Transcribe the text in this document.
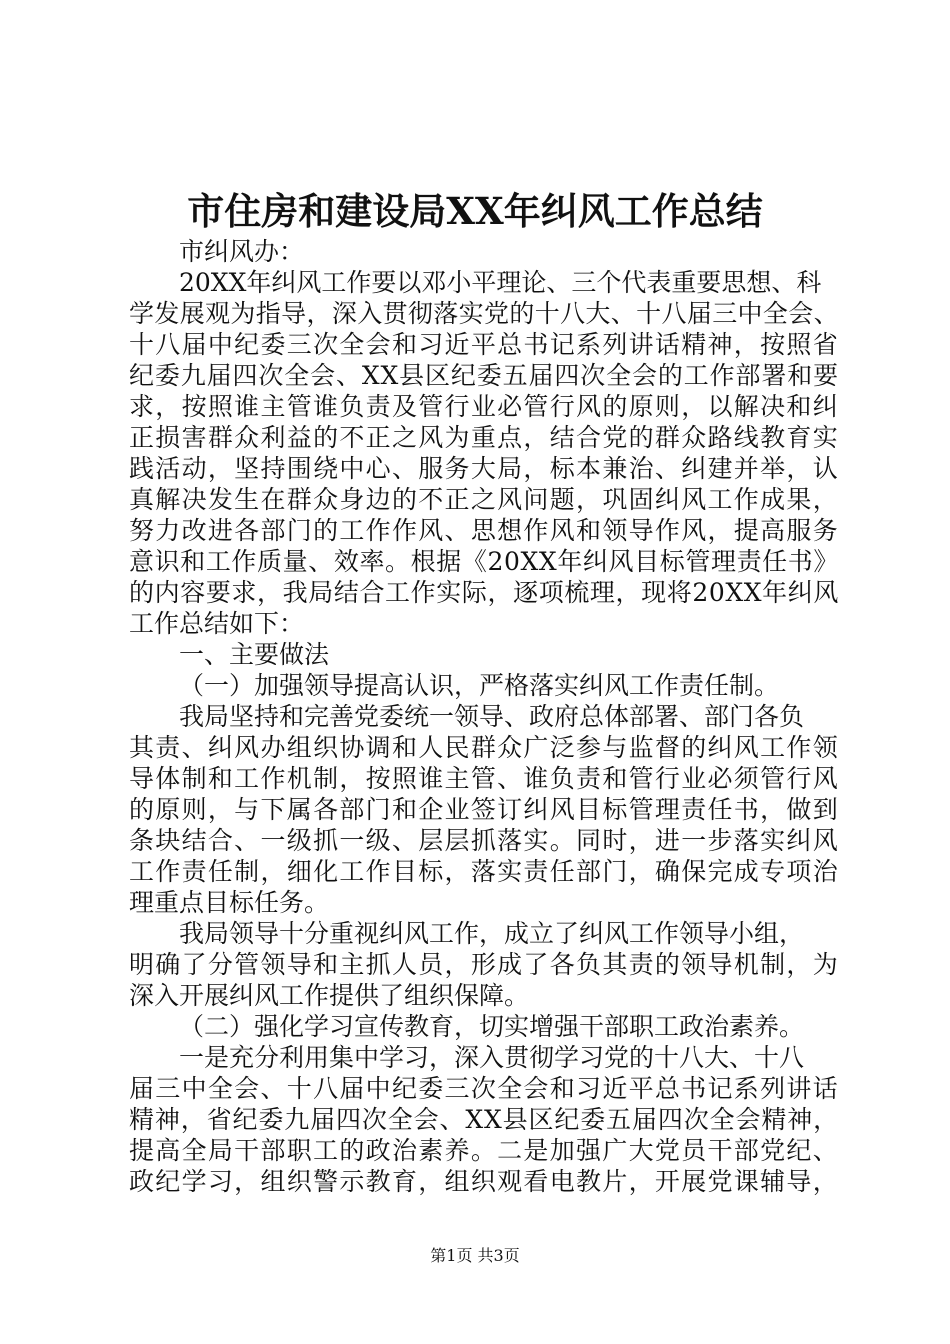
市住房和建设局XX年纠风工作总结
市纠风办：
20XX年纠风工作要以邓小平理论、三个代表重要思想、科
学发展观为指导，深入贯彻落实党的十八大、十八届三中全会、
十八届中纪委三次全会和习近平总书记系列讲话精神，按照省
纪委九届四次全会、XX县区纪委五届四次全会的工作部署和要
求，按照谁主管谁负责及管行业必管行风的原则，以解决和纠
正损害群众利益的不正之风为重点，结合党的群众路线教育实
践活动，坚持围绕中心、服务大局，标本兼治、纠建并举，认
真解决发生在群众身边的不正之风问题，巩固纠风工作成果，
努力改进各部门的工作作风、思想作风和领导作风，提高服务
意识和工作质量、效率。根据《20XX年纠风目标管理责任书》
的内容要求，我局结合工作实际，逐项梳理，现将20XX年纠风
工作总结如下：
一、主要做法
（一）加强领导提高认识，严格落实纠风工作责任制。
我局坚持和完善党委统一领导、政府总体部署、部门各负
其责、纠风办组织协调和人民群众广泛参与监督的纠风工作领
导体制和工作机制，按照谁主管、谁负责和管行业必须管行风
的原则，与下属各部门和企业签订纠风目标管理责任书，做到
条块结合、一级抓一级、层层抓落实。同时，进一步落实纠风
工作责任制，细化工作目标，落实责任部门，确保完成专项治
理重点目标任务。
我局领导十分重视纠风工作，成立了纠风工作领导小组，
明确了分管领导和主抓人员，形成了各负其责的领导机制，为
深入开展纠风工作提供了组织保障。
（二）强化学习宣传教育，切实增强干部职工政治素养。
一是充分利用集中学习，深入贯彻学习党的十八大、十八
届三中全会、十八届中纪委三次全会和习近平总书记系列讲话
精神，省纪委九届四次全会、XX县区纪委五届四次全会精神，
提高全局干部职工的政治素养。二是加强广大党员干部党纪、
政纪学习，组织警示教育，组织观看电教片，开展党课辅导，
第1页 共3页
